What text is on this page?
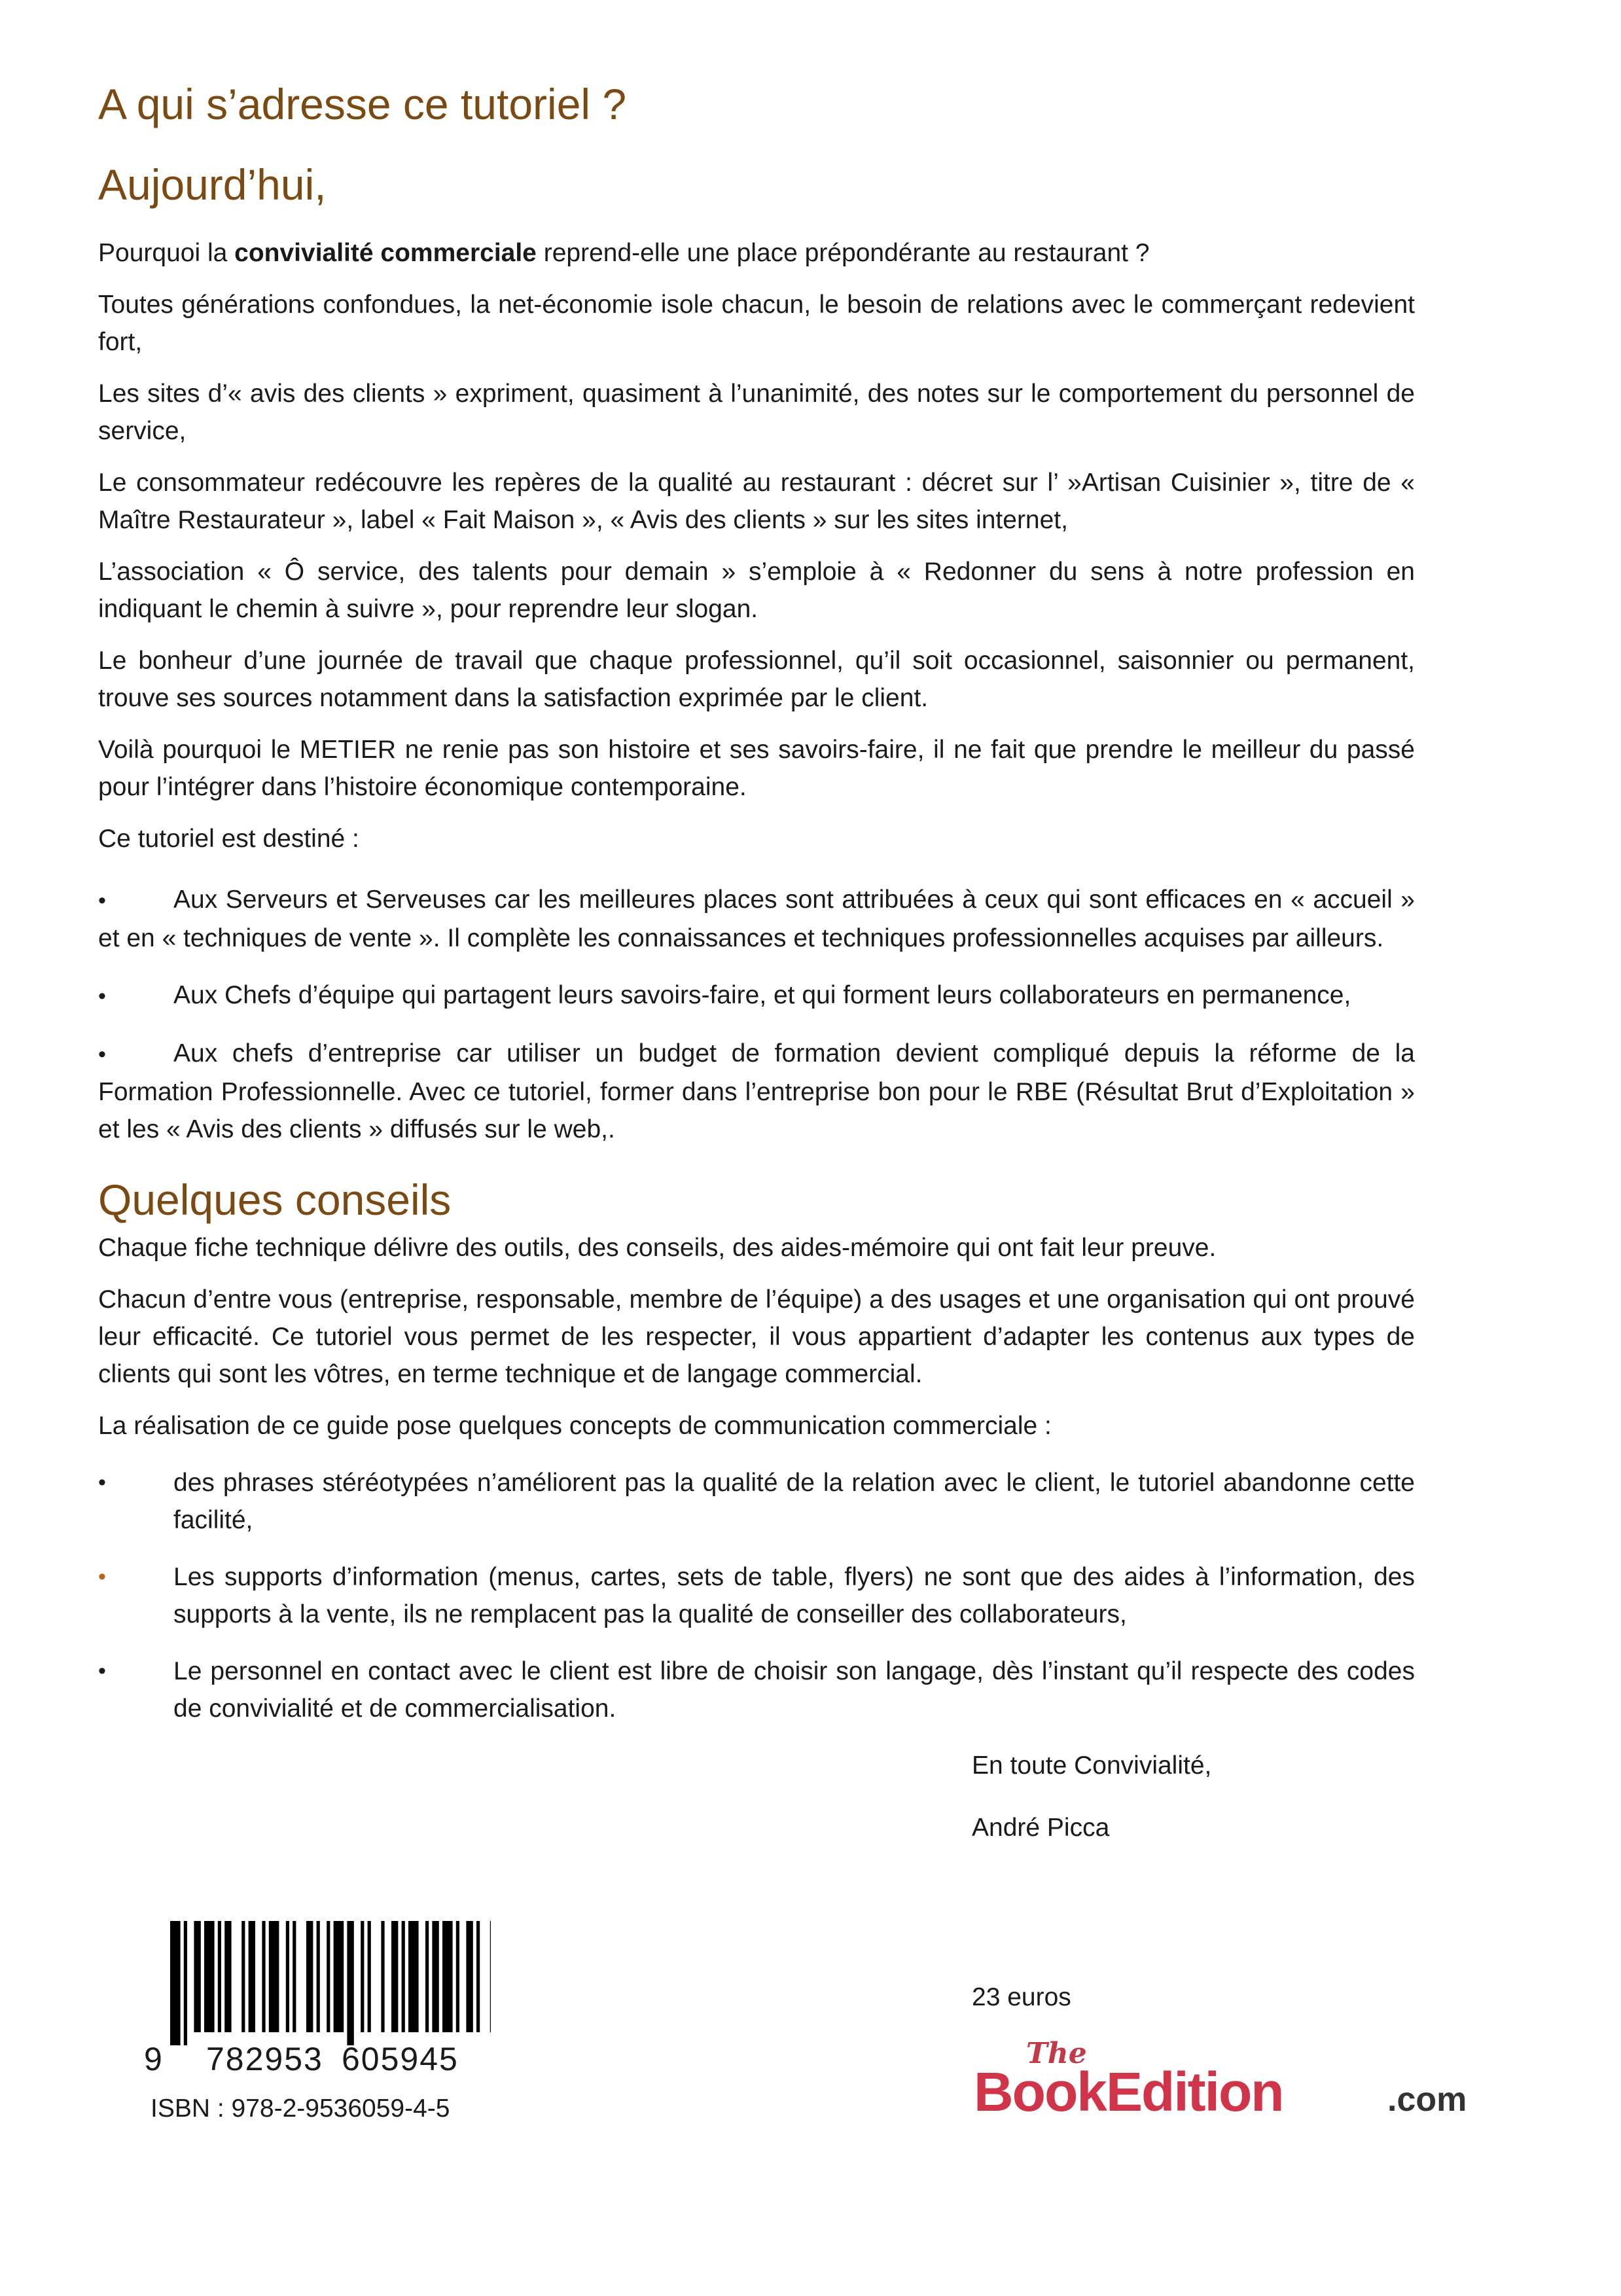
A qui s’adresse ce tutoriel ?
Aujourd’hui,

Pourquoi la convivialité commerciale reprend-elle une place prépondérante au restaurant ?

Toutes générations confondues, la net-économie isole chacun, le besoin de relations avec le commerçant redevient fort,

Les sites d’« avis des clients » expriment, quasiment à l’unanimité, des notes sur le comportement du personnel de service,

Le consommateur redécouvre les repères de la qualité au restaurant : décret sur l’ »Artisan Cuisinier », titre de « Maître Restaurateur », label « Fait Maison », « Avis des clients » sur les sites internet,

L’association « Ô service, des talents pour demain » s’emploie à « Redonner du sens à notre profession en indiquant le chemin à suivre », pour reprendre leur slogan.

Le bonheur d’une journée de travail que chaque professionnel, qu’il soit occasionnel, saisonnier ou permanent, trouve ses sources notamment dans la satisfaction exprimée par le client.

Voilà pourquoi le METIER ne renie pas son histoire et ses savoirs-faire, il ne fait que prendre le meilleur du passé pour l’intégrer dans l’histoire économique contemporaine.

Ce tutoriel est destiné :

•	Aux Serveurs et Serveuses car les meilleures places sont attribuées à ceux qui sont efficaces en « accueil » et en « techniques de vente ». Il complète les connaissances et techniques professionnelles acquises par ailleurs.
•	Aux Chefs d’équipe qui partagent leurs savoirs-faire, et qui forment leurs collaborateurs en permanence,
•	Aux chefs d’entreprise car utiliser un budget de formation devient compliqué depuis la réforme de la Formation Professionnelle. Avec ce tutoriel, former dans l’entreprise bon pour le RBE (Résultat Brut d’Exploitation » et les « Avis des clients » diffusés sur le web,.
Quelques conseils

Chaque fiche technique délivre des outils, des conseils, des aides-mémoire qui ont fait leur preuve.

Chacun d’entre vous (entreprise, responsable, membre de l’équipe) a des usages et une organisation qui ont prouvé leur efficacité. Ce tutoriel vous permet de les respecter, il vous appartient d’adapter les contenus aux types de clients qui sont les vôtres, en terme technique et de langage commercial.

La réalisation de ce guide pose quelques concepts de communication commerciale :

•	des phrases stéréotypées n’améliorent pas la qualité de la relation avec le client, le tutoriel abandonne cette facilité,
•	Les supports d’information (menus, cartes, sets de table, flyers) ne sont que des aides à l’information, des supports à la vente, ils ne remplacent pas la qualité de conseiller des collaborateurs,
•	Le personnel en contact avec le client est libre de choisir son langage, dès l’instant qu’il respecte des codes de convivialité et de commercialisation.

En toute Convivialité,

André Picca

9 782953 605945
ISBN : 978-2-9536059-4-5
23 euros
The
BookEdition	.com
